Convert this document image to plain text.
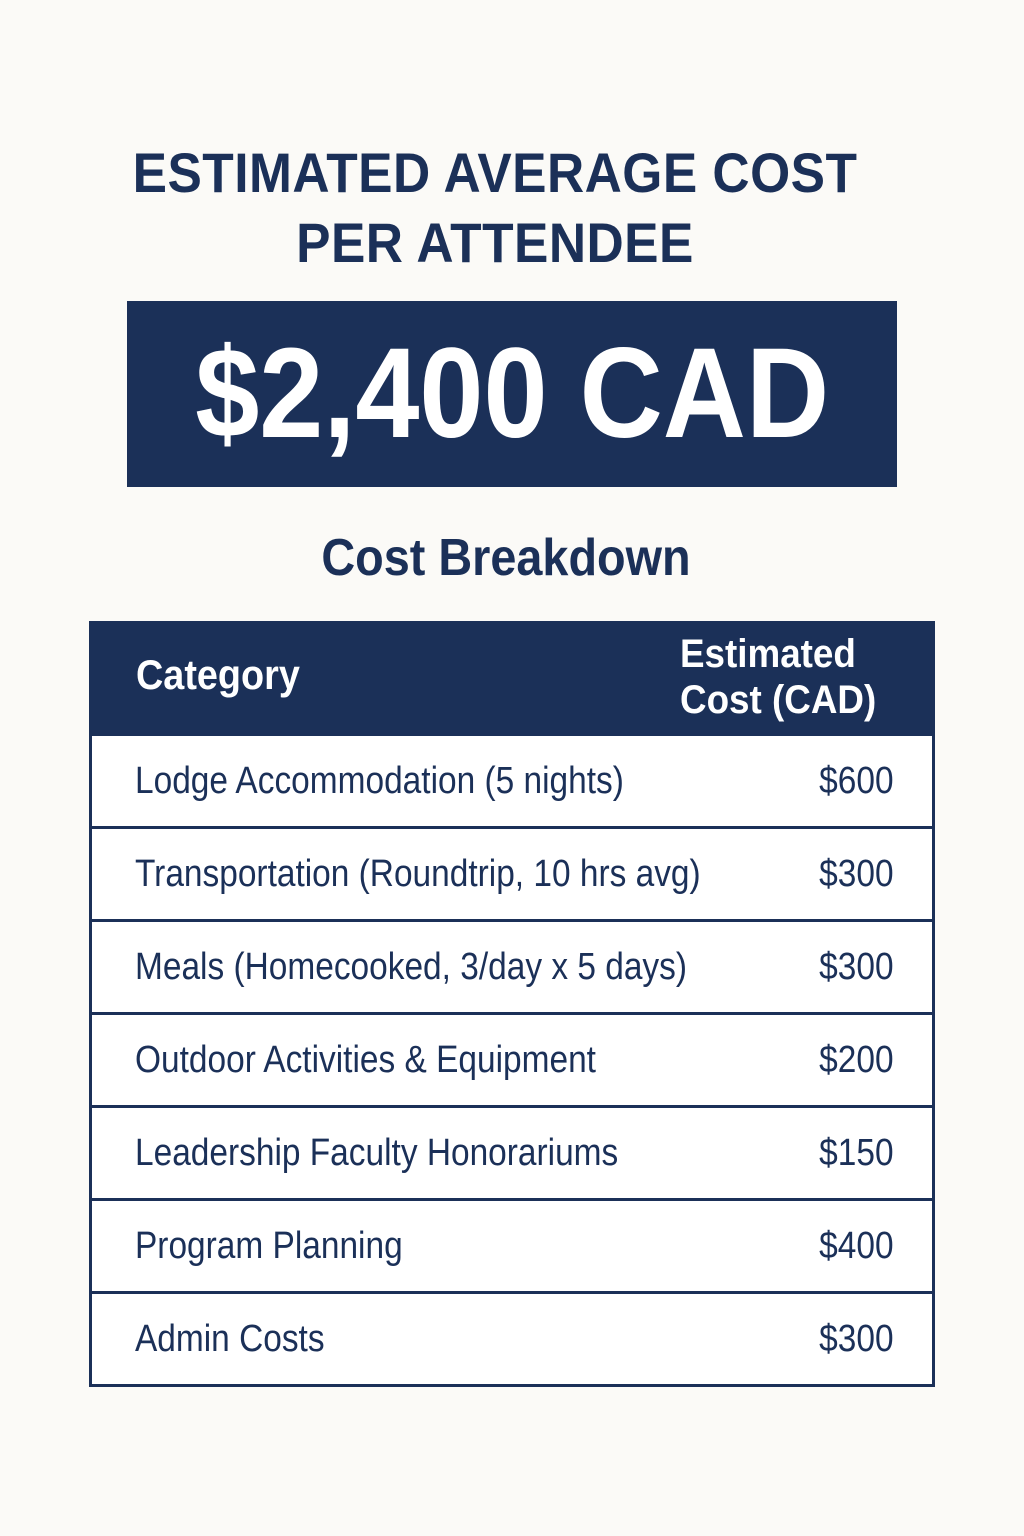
ESTIMATED AVERAGE COST
PER ATTENDEE
$2,400 CAD
Cost Breakdown
Category	Estimated Cost (CAD)
Lodge Accommodation (5 nights)	$600
Transportation (Roundtrip, 10 hrs avg)	$300
Meals (Homecooked, 3/day x 5 days)	$300
Outdoor Activities & Equipment	$200
Leadership Faculty Honorariums	$150
Program Planning	$400
Admin Costs	$300
